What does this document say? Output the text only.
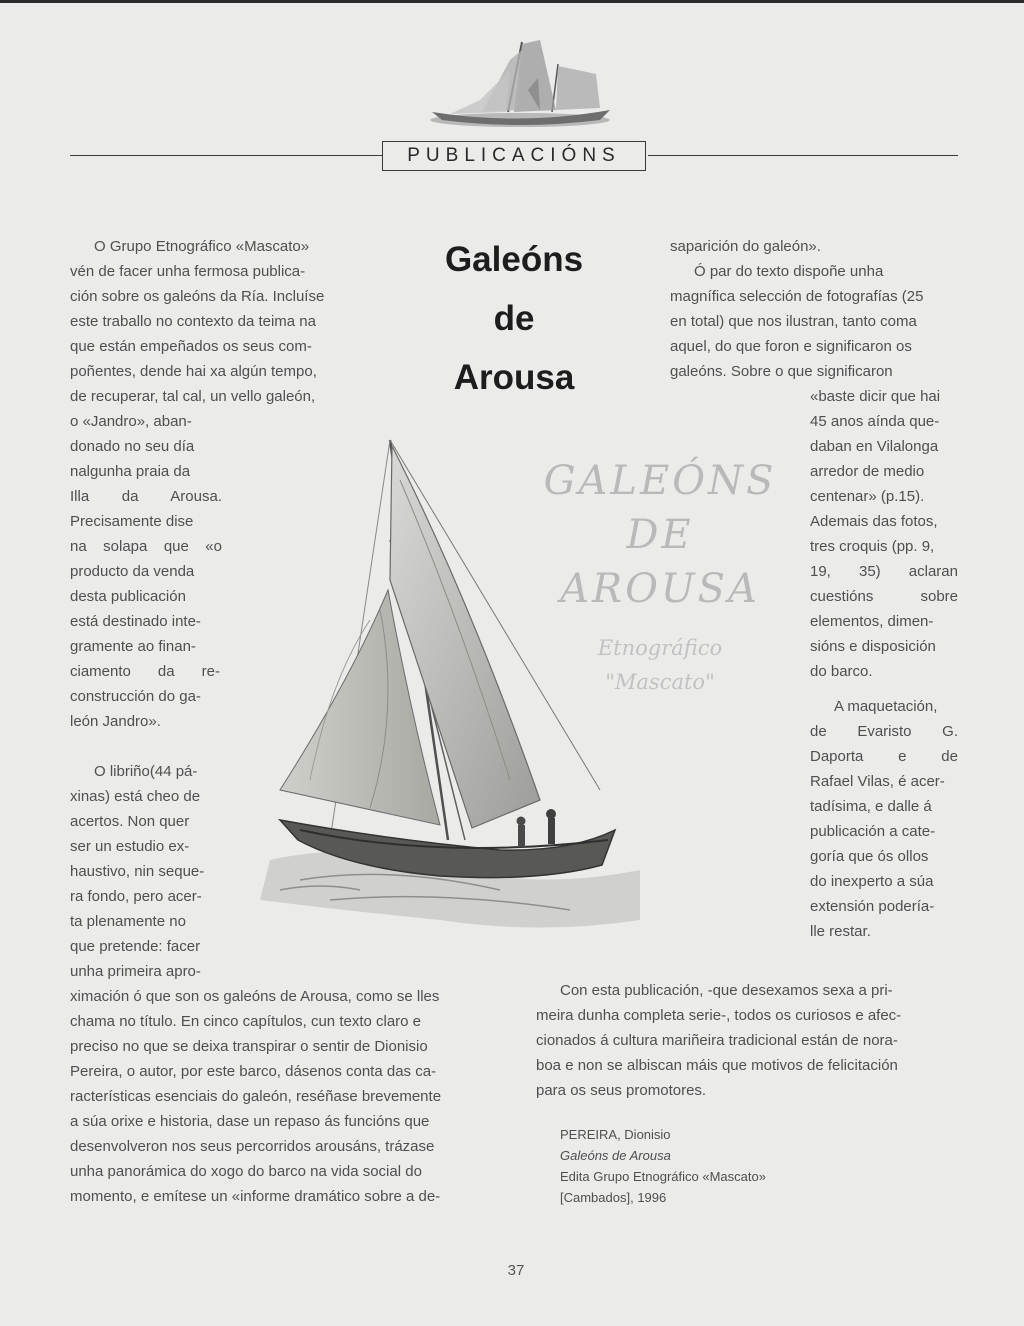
PUBLICACIÓNS
GALEÓNS
DE
AROUSA
Etnográfico
"Mascato"
Galeóns
de
Arousa
O Grupo Etnográfico «Mascato»
vén de facer unha fermosa publica-
ción sobre os galeóns da Ría. Incluíse
este traballo no contexto da teima na
que están empeñados os seus com-
poñentes, dende hai xa algún tempo,
de recuperar, tal cal, un vello galeón,
o «Jandro», aban-
donado no seu día
nalgunha praia da
Illa da Arousa.
Precisamente dise
na solapa que «o
producto da venda
desta publicación
está destinado inte-
gramente ao finan-
ciamento da re-
construcción do ga-
león Jandro».
O libriño(44 pá-
xinas) está cheo de
acertos. Non quer
ser un estudio ex-
haustivo, nin seque-
ra fondo, pero acer-
ta plenamente no
que pretende: facer
unha primeira apro-
ximación ó que son os galeóns de Arousa, como se lles
chama no título. En cinco capítulos, cun texto claro e
preciso no que se deixa transpirar o sentir de Dionisio
Pereira, o autor, por este barco, dásenos conta das ca-
racterísticas esenciais do galeón, reséñase brevemente
a súa orixe e historia, dase un repaso ás funcións que
desenvolveron nos seus percorridos arousáns, trázase
unha panorámica do xogo do barco na vida social do
momento, e emítese un «informe dramático sobre a de-
saparición do galeón».
Ó par do texto dispoñe unha
magnífica selección de fotografías (25
en total) que nos ilustran, tanto coma
aquel, do que foron e significaron os
galeóns. Sobre o que significaron
«baste dicir que hai
45 anos aínda que-
daban en Vilalonga
arredor de medio
centenar» (p.15).
Ademais das fotos,
tres croquis (pp. 9,
19, 35) aclaran
cuestións sobre
elementos, dimen-
sións e disposición
do barco.
A maquetación,
de Evaristo G.
Daporta e de
Rafael Vilas, é acer-
tadísima, e dalle á
publicación a cate-
goría que ós ollos
do inexperto a súa
extensión podería-
lle restar.
Con esta publicación, -que desexamos sexa a pri-
meira dunha completa serie-, todos os curiosos e afec-
cionados á cultura mariñeira tradicional están de nora-
boa e non se albiscan máis que motivos de felicitación
para os seus promotores.
PEREIRA, Dionisio
Galeóns de Arousa
Edita Grupo Etnográfico «Mascato»
[Cambados], 1996
37
